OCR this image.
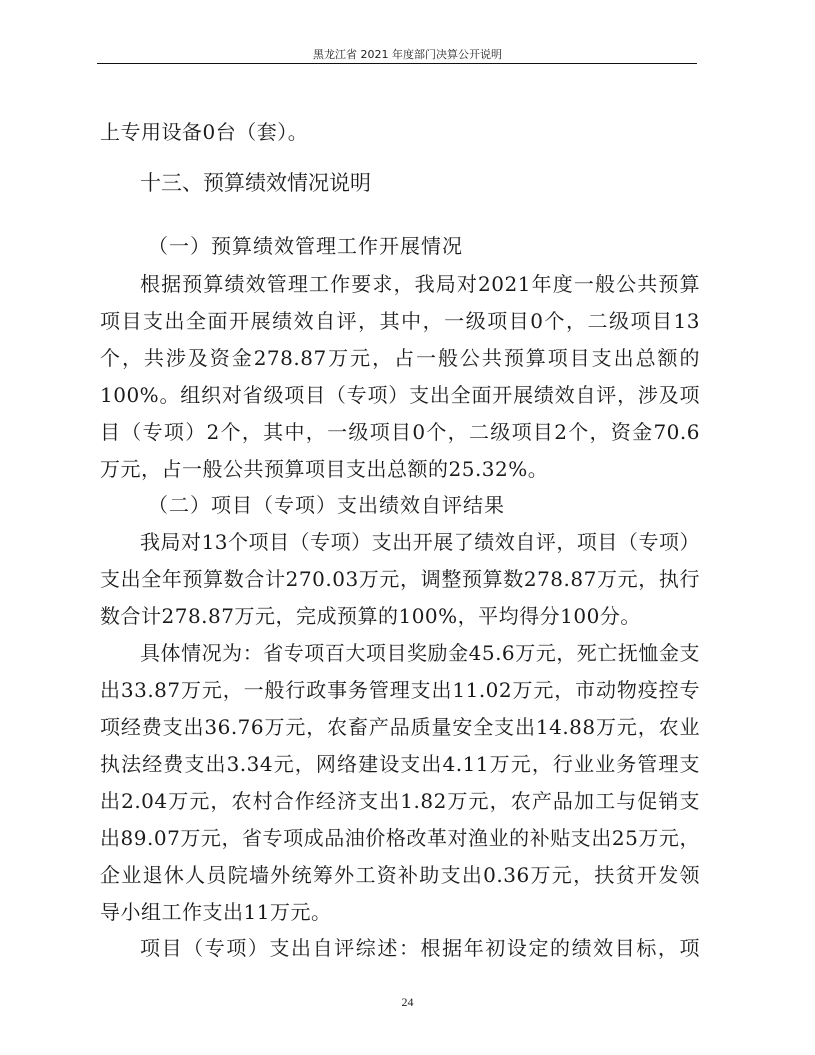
黑龙江省 2021 年度部门决算公开说明
上专用设备0台（套）。
十三、预算绩效情况说明
（一）预算绩效管理工作开展情况
根据预算绩效管理工作要求，我局对2021年度一般公共预算
项目支出全面开展绩效自评，其中，一级项目0个，二级项目13
个，共涉及资金278.87万元，占一般公共预算项目支出总额的
100%。组织对省级项目（专项）支出全面开展绩效自评，涉及项
目（专项）2个，其中，一级项目0个，二级项目2个，资金70.6
万元，占一般公共预算项目支出总额的25.32%。
（二）项目（专项）支出绩效自评结果
我局对13个项目（专项）支出开展了绩效自评，项目（专项）
支出全年预算数合计270.03万元，调整预算数278.87万元，执行
数合计278.87万元，完成预算的100%，平均得分100分。
具体情况为：省专项百大项目奖励金45.6万元，死亡抚恤金支
出33.87万元，一般行政事务管理支出11.02万元，市动物疫控专
项经费支出36.76万元，农畜产品质量安全支出14.88万元，农业
执法经费支出3.34元，网络建设支出4.11万元，行业业务管理支
出2.04万元，农村合作经济支出1.82万元，农产品加工与促销支
出89.07万元，省专项成品油价格改革对渔业的补贴支出25万元，
企业退休人员院墙外统筹外工资补助支出0.36万元，扶贫开发领
导小组工作支出11万元。
项目（专项）支出自评综述：根据年初设定的绩效目标，项
24
